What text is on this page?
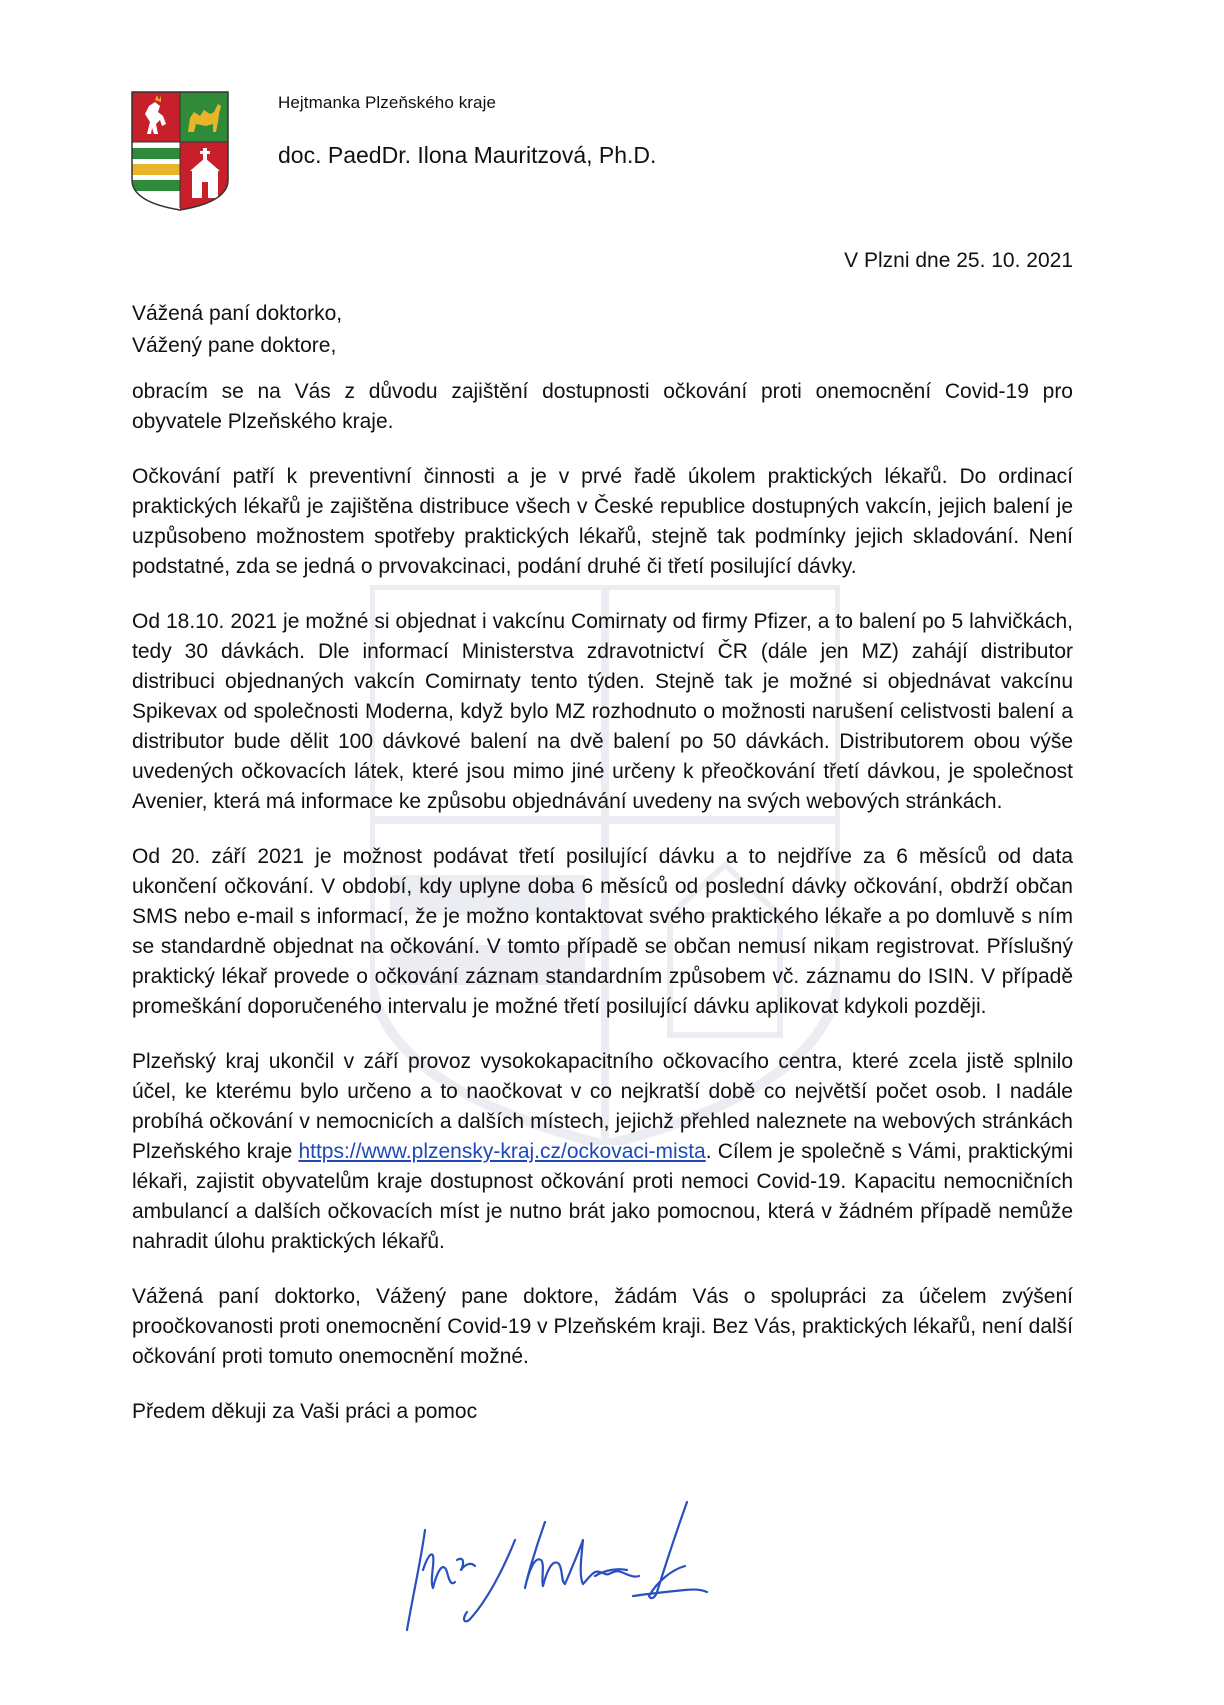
Hejtmanka Plzeňského kraje
doc. PaedDr. Ilona Mauritzová, Ph.D.
V Plzni dne 25. 10. 2021
Vážená paní doktorko,
Vážený pane doktore,

obracím se na Vás z důvodu zajištění dostupnosti očkování proti onemocnění Covid-19 pro obyvatele Plzeňského kraje.

Očkování patří k preventivní činnosti a je v prvé řadě úkolem praktických lékařů. Do ordinací praktických lékařů je zajištěna distribuce všech v České republice dostupných vakcín, jejich balení je uzpůsobeno možnostem spotřeby praktických lékařů, stejně tak podmínky jejich skladování. Není podstatné, zda se jedná o prvovakcinaci, podání druhé či třetí posilující dávky.

Od 18.10. 2021 je možné si objednat i vakcínu Comirnaty od firmy Pfizer, a to balení po 5 lahvičkách, tedy 30 dávkách. Dle informací Ministerstva zdravotnictví ČR (dále jen MZ) zahájí distributor distribuci objednaných vakcín Comirnaty tento týden. Stejně tak je možné si objednávat vakcínu Spikevax od společnosti Moderna, když bylo MZ rozhodnuto o možnosti narušení celistvosti balení a distributor bude dělit 100 dávkové balení na dvě balení po 50 dávkách. Distributorem obou výše uvedených očkovacích látek, které jsou mimo jiné určeny k přeočkování třetí dávkou, je společnost Avenier, která má informace ke způsobu objednávání uvedeny na svých webových stránkách.

Od 20. září 2021 je možnost podávat třetí posilující dávku a to nejdříve za 6 měsíců od data ukončení očkování. V období, kdy uplyne doba 6 měsíců od poslední dávky očkování, obdrží občan SMS nebo e-mail s informací, že je možno kontaktovat svého praktického lékaře a po domluvě s ním se standardně objednat na očkování. V tomto případě se občan nemusí nikam registrovat. Příslušný praktický lékař provede o očkování záznam standardním způsobem vč. záznamu do ISIN. V případě promeškání doporučeného intervalu je možné třetí posilující dávku aplikovat kdykoli později.

Plzeňský kraj ukončil v září provoz vysokokapacitního očkovacího centra, které zcela jistě splnilo účel, ke kterému bylo určeno a to naočkovat v co nejkratší době co největší počet osob. I nadále probíhá očkování v nemocnicích a dalších místech, jejichž přehled naleznete na webových stránkách Plzeňského kraje https://www.plzensky-kraj.cz/ockovaci-mista. Cílem je společně s Vámi, praktickými lékaři, zajistit obyvatelům kraje dostupnost očkování proti nemoci Covid-19. Kapacitu nemocničních ambulancí a dalších očkovacích míst je nutno brát jako pomocnou, která v žádném případě nemůže nahradit úlohu praktických lékařů.

Vážená paní doktorko, Vážený pane doktore, žádám Vás o spolupráci za účelem zvýšení proočkovanosti proti onemocnění Covid-19 v Plzeňském kraji. Bez Vás, praktických lékařů, není další očkování proti tomuto onemocnění možné.

Předem děkuji za Vaši práci a pomoc
